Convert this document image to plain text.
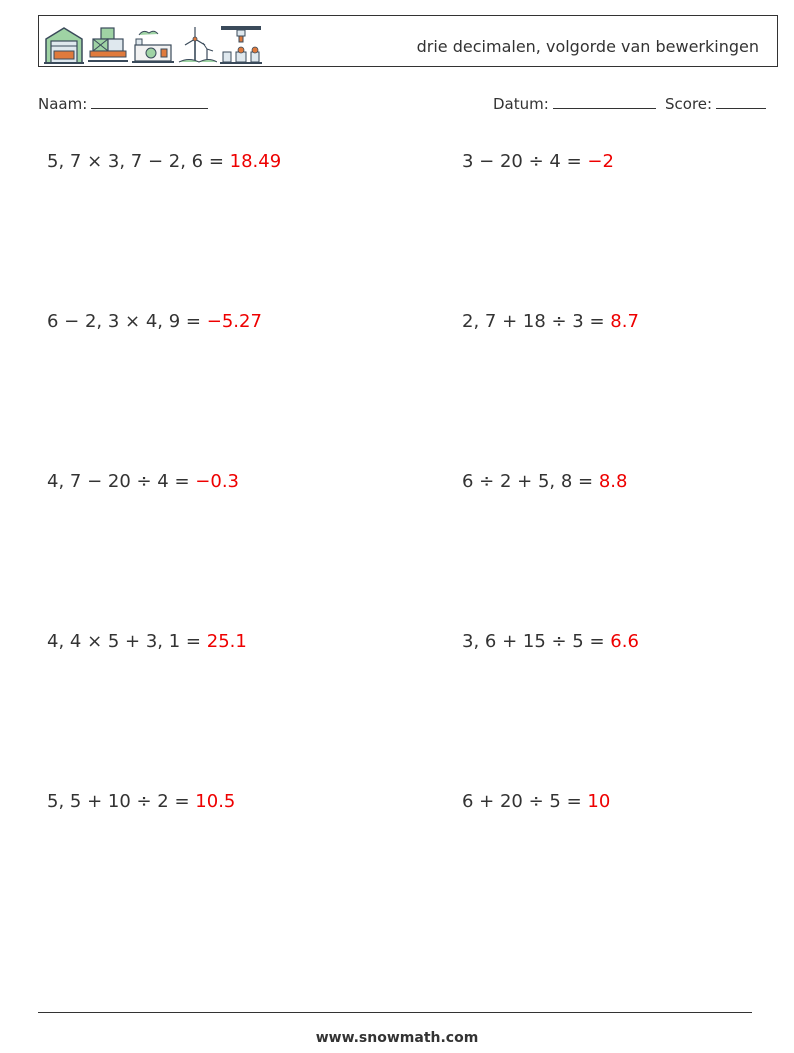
drie decimalen, volgorde van bewerkingen
Naam:	Datum:	Score:
5, 7 × 3, 7 − 2, 6 = 18.49	3 − 20 ÷ 4 = −2
6 − 2, 3 × 4, 9 = −5.27	2, 7 + 18 ÷ 3 = 8.7
4, 7 − 20 ÷ 4 = −0.3	6 ÷ 2 + 5, 8 = 8.8
4, 4 × 5 + 3, 1 = 25.1	3, 6 + 15 ÷ 5 = 6.6
5, 5 + 10 ÷ 2 = 10.5	6 + 20 ÷ 5 = 10
www.snowmath.com
